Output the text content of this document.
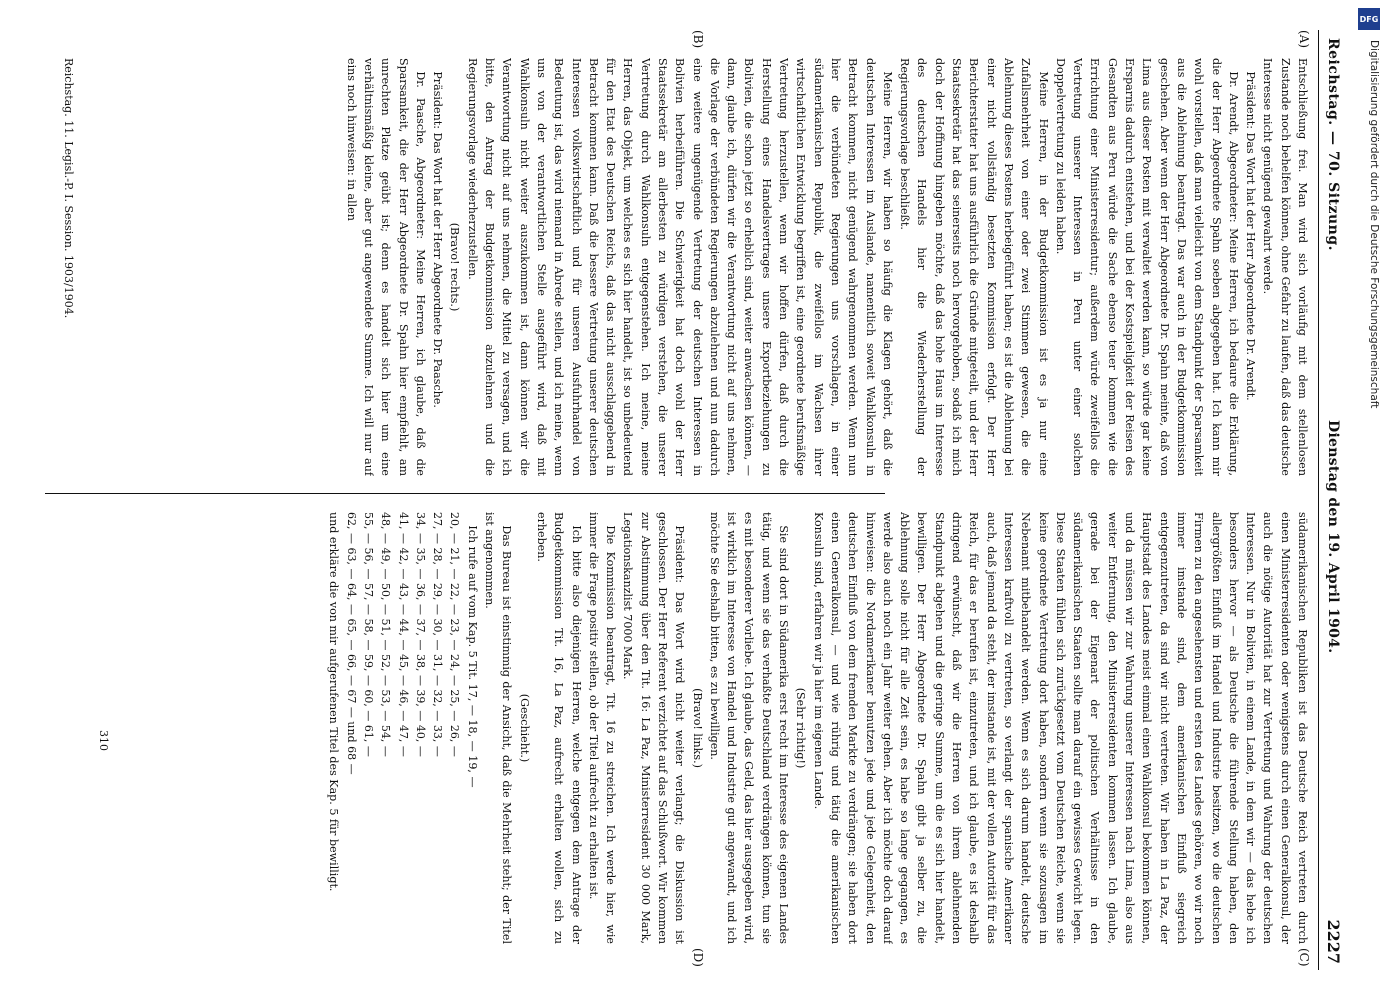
Reichstag. — 70. Sitzung.
Dienstag den 19. April 1904.
2227
(A)
(B)
(C)
(D)

Entschließung frei. Man wird sich vorläufig mit dem stellenlosen Zustande noch behelfen können, ohne Gefahr zu laufen, daß das deutsche Interesse nicht genügend gewahrt werde.

Präsident: Das Wort hat der Herr Abgeordnete Dr. Arendt.

Dr. Arendt, Abgeordneter: Meine Herren, ich bedaure die Erklärung, die der Herr Abgeordnete Spahn soeben abgegeben hat. Ich kann mir wohl vorstellen, daß man vielleicht von dem Standpunkt der Sparsamkeit aus die Ablehnung beantragt. Das war auch in der Budgetkommission geschehen. Aber wenn der Herr Abgeordnete Dr. Spahn meinte, daß von Lima aus dieser Posten mit verwaltet werden kann, so würde gar keine Ersparnis dadurch entstehen, und bei der Kostspieligkeit der Reisen des Gesandten aus Peru würde die Sache ebenso teuer kommen wie die Errichtung einer Ministerresidentur; außerdem würde zweifellos die Vertretung unserer Interessen in Peru unter einer solchen Doppelvertretung zu leiden haben.

Meine Herren, in der Budgetkommission ist es ja nur eine Zufallsmehrheit von einer oder zwei Stimmen gewesen, die die Ablehnung dieses Postens herbeigeführt haben; es ist die Ablehnung bei einer nicht vollständig besetzten Kommission erfolgt. Der Herr Berichterstatter hat uns ausführlich die Gründe mitgeteilt, und der Herr Staatssekretär hat das seinerseits noch hervorgehoben, sodaß ich mich doch der Hoffnung hingeben möchte, daß das hohe Haus im Interesse des deutschen Handels hier die Wiederherstellung der Regierungsvorlage beschließt.

Meine Herren, wir haben so häufig die Klagen gehört, daß die deutschen Interessen im Auslande, namentlich soweit Wahlkonsuln in Betracht kommen, nicht genügend wahrgenommen werden. Wenn nun hier die verbündeten Regierungen uns vorschlagen, in einer südamerikanischen Republik, die zweifellos im Wachsen ihrer wirtschaftlichen Entwicklung begriffen ist, eine geordnete berufsmäßige Vertretung herzustellen, wenn wir hoffen dürfen, daß durch die Herstellung eines Handelsvertrages unsere Exportbeziehungen zu Bolivien, die schon jetzt so erheblich sind, weiter anwachsen können, — dann, glaube ich, dürfen wir die Verantwortung nicht auf uns nehmen, die Vorlage der verbündeten Regierungen abzulehnen und nun dadurch eine weitere ungenügende Vertretung der deutschen Interessen in Bolivien herbeiführen. Die Schwierigkeit hat doch wohl der Herr Staatssekretär am allerbesten zu würdigen verstehen, die unserer Vertretung durch Wahlkonsuln entgegenstehen. Ich meine, meine Herren, das Objekt, um welches es sich hier handelt, ist so unbedeutend für den Etat des Deutschen Reichs, daß das nicht ausschlaggebend in Betracht kommen kann. Daß die bessere Vertretung unserer deutschen Interessen volkswirtschaftlich und für unseren Ausfuhrhandel von Bedeutung ist, das wird niemand in Abrede stellen, und ich meine, wenn uns von der verantwortlichen Stelle ausgeführt wird, daß mit Wahlkonsuln nicht weiter auszukommen ist, dann können wir die Verantwortung nicht auf uns nehmen, die Mittel zu versagen, und ich bitte, den Antrag der Budgetkommission abzulehnen und die Regierungsvorlage wiederherzustellen.

(Bravo! rechts.)

Präsident: Das Wort hat der Herr Abgeordnete Dr. Paasche.

Dr. Paasche, Abgeordneter: Meine Herren, ich glaube, daß die Sparsamkeit, die der Herr Abgeordnete Dr. Spahn hier empfiehlt, am unrechten Platze geübt ist; denn es handelt sich hier um eine verhältnismäßig kleine, aber gut angewendete Summe. Ich will nur auf eins noch hinweisen: in allen

südamerikanischen Republiken ist das Deutsche Reich vertreten durch einen Ministerresidenten oder wenigstens durch einen Generalkonsul, der auch die nötige Autorität hat zur Vertretung und Wahrung der deutschen Interessen. Nur in Bolivien, in einem Lande, in dem wir — das hebe ich besonders hervor — als Deutsche die führende Stellung haben, den allergrößten Einfluß im Handel und Industrie besitzen, wo die deutschen Firmen zu den angesehensten und ersten des Landes gehören, wo wir noch immer imstande sind, dem amerikanischen Einfluß siegreich entgegenzutreten, da sind wir nicht vertreten. Wir haben in La Paz, der Hauptstadt des Landes meist einmal einen Wahlkonsul bekommen können, und da müssen wir zur Wahrung unserer Interessen nach Lima, also aus weiter Entfernung, den Ministerresidenten kommen lassen. Ich glaube, gerade bei der Eigenart der politischen Verhältnisse in den südamerikanischen Staaten sollte man darauf ein gewisses Gewicht legen. Diese Staaten fühlen sich zurückgesetzt vom Deutschen Reiche, wenn sie keine geordnete Vertretung dort haben, sondern wenn sie sozusagen im Nebenamt mitbehandelt werden. Wenn es sich darum handelt, deutsche Interessen kraftvoll zu vertreten, so verlangt der spanische Amerikaner auch, daß jemand da steht, der imstande ist, mit der vollen Autorität für das Reich, für das er berufen ist, einzutreten, und ich glaube, es ist deshalb dringend erwünscht, daß wir die Herren von ihrem ablehnenden Standpunkt abgehen und die geringe Summe, um die es sich hier handelt, bewilligen. Der Herr Abgeordnete Dr. Spahn gibt ja selber zu, die Ablehnung solle nicht für alle Zeit sein, es habe so lange gegangen, es werde also auch noch ein Jahr weiter gehen. Aber ich möchte doch darauf hinweisen: die Nordamerikaner benutzen jede und jede Gelegenheit, den deutschen Einfluß von dem fremden Markte zu verdrängen; sie haben dort einen Generalkonsul, — und wie rührig und tätig die amerikanischen Konsuln sind, erfahren wir ja hier im eigenen Lande.

(Sehr richtig!)

Sie sind dort in Südamerika erst recht im Interesse des eigenen Landes tätig, und wenn sie das verhaßte Deutschland verdrängen können, tun sie es mit besonderer Vorliebe. Ich glaube, das Geld, das hier ausgegeben wird, ist wirklich im Interesse von Handel und Industrie gut angewandt, und ich möchte Sie deshalb bitten, es zu bewilligen.

(Bravo! links.)

Präsident: Das Wort wird nicht weiter verlangt; die Diskussion ist geschlossen. Der Herr Referent verzichtet auf das Schlußwort. Wir kommen zur Abstimmung über den Tit. 16: La Paz, Ministerresident 30 000 Mark, Legationskanzlist 7000 Mark.

Die Kommission beantragt, Tit. 16 zu streichen. Ich werde hier, wie immer die Frage positiv stellen, ob der Titel aufrecht zu erhalten ist.

Ich bitte also diejenigen Herren, welche entgegen dem Antrage der Budgetkommission Tit. 16, La Paz, aufrecht erhalten wollen, sich zu erheben.

(Geschieht.)

Das Bureau ist einstimmig der Ansicht, daß die Mehrheit steht; der Titel ist angenommen.

Ich rufe auf vom Kap. 5 Tit. 17, — 18, — 19, —

20, — 21, — 22, — 23, — 24, — 25, — 26, —
27, — 28, — 29, — 30, — 31, — 32, — 33, —
34, — 35, — 36, — 37, — 38, — 39, — 40, —
41, — 42, — 43, — 44, — 45, — 46, — 47, —
48, — 49, — 50, — 51, — 52, — 53, — 54, —
55, — 56, — 57, — 58, — 59, — 60, — 61, —
62, — 63, — 64, — 65, — 66, — 67 — und 68 —

und erkläre die von mir aufgerufenen Titel des Kap. 5 für bewilligt.

Reichstag. 11. Legisl.-P. I. Session. 1903/1904.
310
DFG
Digitalisierung gefördert durch die Deutsche Forschungsgemeinschaft
